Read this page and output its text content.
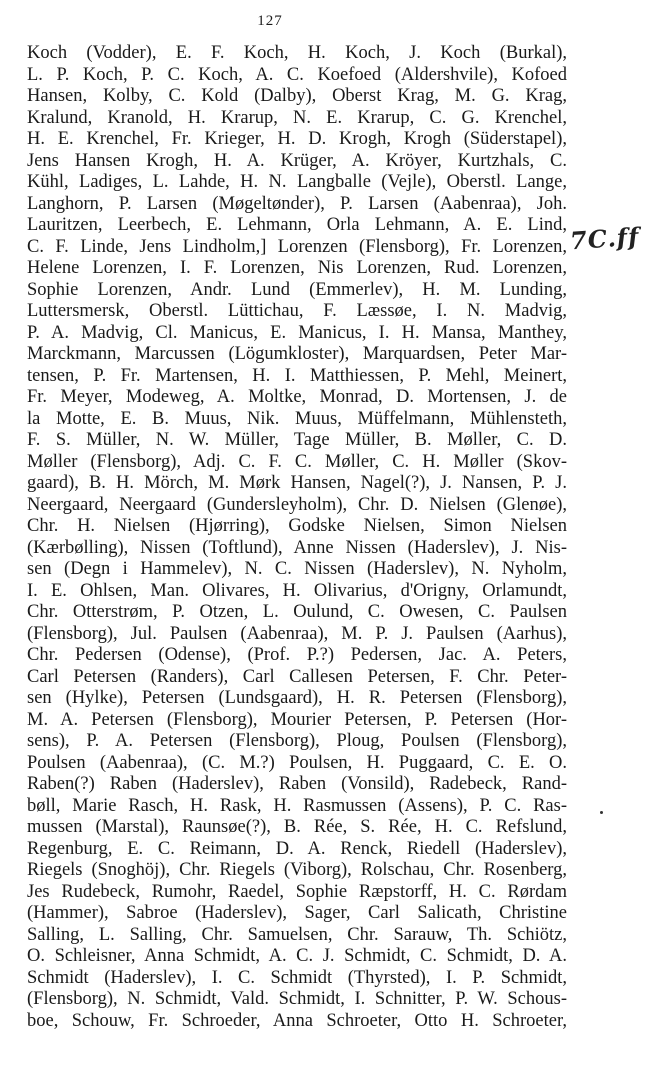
127
Koch (Vodder), E. F. Koch, H. Koch, J. Koch (Burkal),
L. P. Koch, P. C. Koch, A. C. Koefoed (Aldershvile), Kofoed
Hansen, Kolby, C. Kold (Dalby), Oberst Krag, M. G. Krag,
Kralund, Kranold, H. Krarup, N. E. Krarup, C. G. Krenchel,
H. E. Krenchel, Fr. Krieger, H. D. Krogh, Krogh (Süderstapel),
Jens Hansen Krogh, H. A. Krüger, A. Kröyer, Kurtzhals, C.
Kühl, Ladiges, L. Lahde, H. N. Langballe (Vejle), Oberstl. Lange,
Langhorn, P. Larsen (Møgeltønder), P. Larsen (Aabenraa), Joh.
Lauritzen, Leerbech, E. Lehmann, Orla Lehmann, A. E. Lind,
C. F. Linde, Jens Lindholm,] Lorenzen (Flensborg), Fr. Lorenzen,
Helene Lorenzen, I. F. Lorenzen, Nis Lorenzen, Rud. Lorenzen,
Sophie Lorenzen, Andr. Lund (Emmerlev), H. M. Lunding,
Luttersmersk, Oberstl. Lüttichau, F. Læssøe, I. N. Madvig,
P. A. Madvig, Cl. Manicus, E. Manicus, I. H. Mansa, Manthey,
Marckmann, Marcussen (Lögumkloster), Marquardsen, Peter Mar-
tensen, P. Fr. Martensen, H. I. Matthiessen, P. Mehl, Meinert,
Fr. Meyer, Modeweg, A. Moltke, Monrad, D. Mortensen, J. de
la Motte, E. B. Muus, Nik. Muus, Müffelmann, Mühlensteth,
F. S. Müller, N. W. Müller, Tage Müller, B. Møller, C. D.
Møller (Flensborg), Adj. C. F. C. Møller, C. H. Møller (Skov-
gaard), B. H. Mörch, M. Mørk Hansen, Nagel(?), J. Nansen, P. J.
Neergaard, Neergaard (Gundersleyholm), Chr. D. Nielsen (Glenøe),
Chr. H. Nielsen (Hjørring), Godske Nielsen, Simon Nielsen
(Kærbølling), Nissen (Toftlund), Anne Nissen (Haderslev), J. Nis-
sen (Degn i Hammelev), N. C. Nissen (Haderslev), N. Nyholm,
I. E. Ohlsen, Man. Olivares, H. Olivarius, d'Origny, Orlamundt,
Chr. Otterstrøm, P. Otzen, L. Oulund, C. Owesen, C. Paulsen
(Flensborg), Jul. Paulsen (Aabenraa), M. P. J. Paulsen (Aarhus),
Chr. Pedersen (Odense), (Prof. P.?) Pedersen, Jac. A. Peters,
Carl Petersen (Randers), Carl Callesen Petersen, F. Chr. Peter-
sen (Hylke), Petersen (Lundsgaard), H. R. Petersen (Flensborg),
M. A. Petersen (Flensborg), Mourier Petersen, P. Petersen (Hor-
sens), P. A. Petersen (Flensborg), Ploug, Poulsen (Flensborg),
Poulsen (Aabenraa), (C. M.?) Poulsen, H. Puggaard, C. E. O.
Raben(?) Raben (Haderslev), Raben (Vonsild), Radebeck, Rand-
bøll, Marie Rasch, H. Rask, H. Rasmussen (Assens), P. C. Ras-
mussen (Marstal), Raunsøe(?), B. Rée, S. Rée, H. C. Refslund,
Regenburg, E. C. Reimann, D. A. Renck, Riedell (Haderslev),
Riegels (Snoghöj), Chr. Riegels (Viborg), Rolschau, Chr. Rosenberg,
Jes Rudebeck, Rumohr, Raedel, Sophie Ræpstorff, H. C. Rørdam
(Hammer), Sabroe (Haderslev), Sager, Carl Salicath, Christine
Salling, L. Salling, Chr. Samuelsen, Chr. Sarauw, Th. Schiötz,
O. Schleisner, Anna Schmidt, A. C. J. Schmidt, C. Schmidt, D. A.
Schmidt (Haderslev), I. C. Schmidt (Thyrsted), I. P. Schmidt,
(Flensborg), N. Schmidt, Vald. Schmidt, I. Schnitter, P. W. Schous-
boe, Schouw, Fr. Schroeder, Anna Schroeter, Otto H. Schroeter,
7C.ff
